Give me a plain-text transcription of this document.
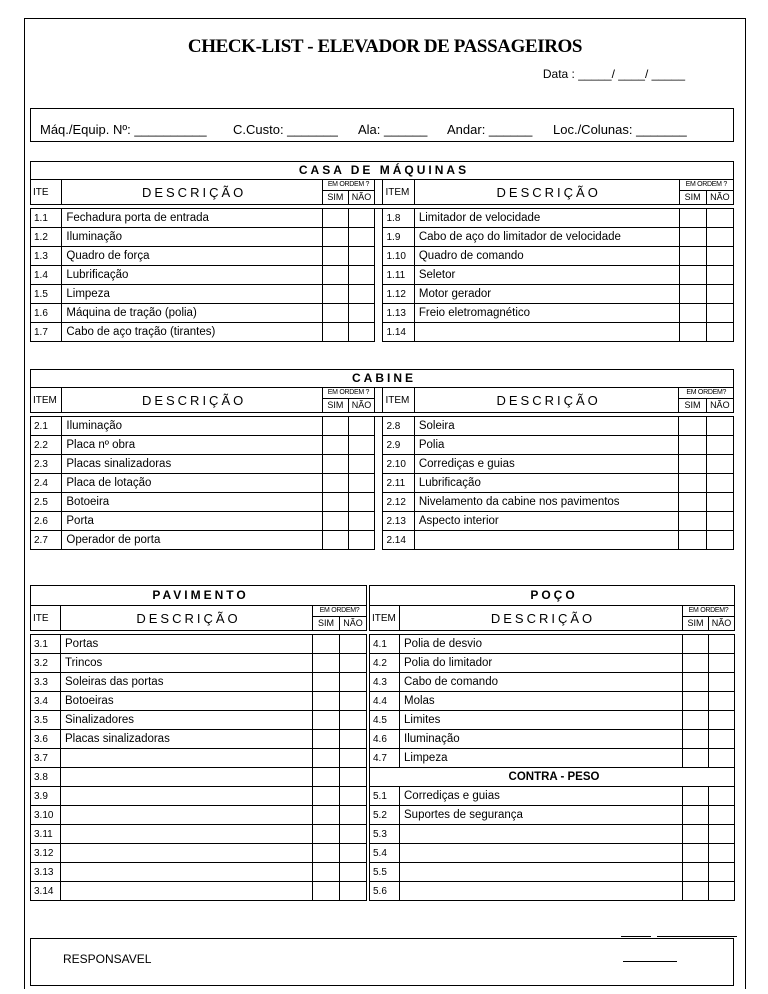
CHECK-LIST - ELEVADOR DE PASSAGEIROS
Data : _____/ ____/ _____
Máq./Equip. Nº: __________ C.Custo: _______ Ala: ______ Andar: ______ Loc./Colunas: _______
CASA DE MÁQUINAS								
ITE	DESCRIÇÃO	EM ORDEM ?			ITEM	DESCRIÇÃO	EM ORDEM ?	
		SIM	NÃO				SIM	NÃO

1.1	Fechadura porta de entrada				1.8	Limitador de velocidade		
1.2	Iluminação				1.9	Cabo de aço do limitador de velocidade		
1.3	Quadro de força				1.10	Quadro de comando		
1.4	Lubrificação				1.11	Seletor		
1.5	Limpeza				1.12	Motor gerador		
1.6	Máquina de tração (polia)				1.13	Freio eletromagnético		
1.7	Cabo de aço tração (tirantes)				1.14			
CABINE								
ITEM	DESCRIÇÃO	EM ORDEM ?			ITEM	DESCRIÇÃO	EM ORDEM?	
		SIM	NÃO				SIM	NÃO

2.1	Iluminação				2.8	Soleira		
2.2	Placa nº obra				2.9	Polia		
2.3	Placas sinalizadoras				2.10	Corrediças e guias		
2.4	Placa de lotação				2.11	Lubrificação		
2.5	Botoeira				2.12	Nivelamento da cabine nos pavimentos		
2.6	Porta				2.13	Aspecto interior		
2.7	Operador de porta				2.14			
PAVIMENTO			
ITE	DESCRIÇÃO	EM ORDEM?	
		SIM	NÃO

3.1	Portas		
3.2	Trincos		
3.3	Soleiras das portas		
3.4	Botoeiras		
3.5	Sinalizadores		
3.6	Placas sinalizadoras		
3.7			
3.8			
3.9			
3.10			
3.11			
3.12			
3.13			
3.14			
POÇO			
ITEM	DESCRIÇÃO	EM ORDEM?	
		SIM	NÃO

4.1	Polia de desvio		
4.2	Polia do limitador		
4.3	Cabo de comando		
4.4	Molas		
4.5	Limites		
4.6	Iluminação		
4.7	Limpeza		
CONTRA - PESO			
5.1	Corrediças e guias		
5.2	Suportes de segurança		
5.3			
5.4			
5.5			
5.6			
RESPONSAVEL
